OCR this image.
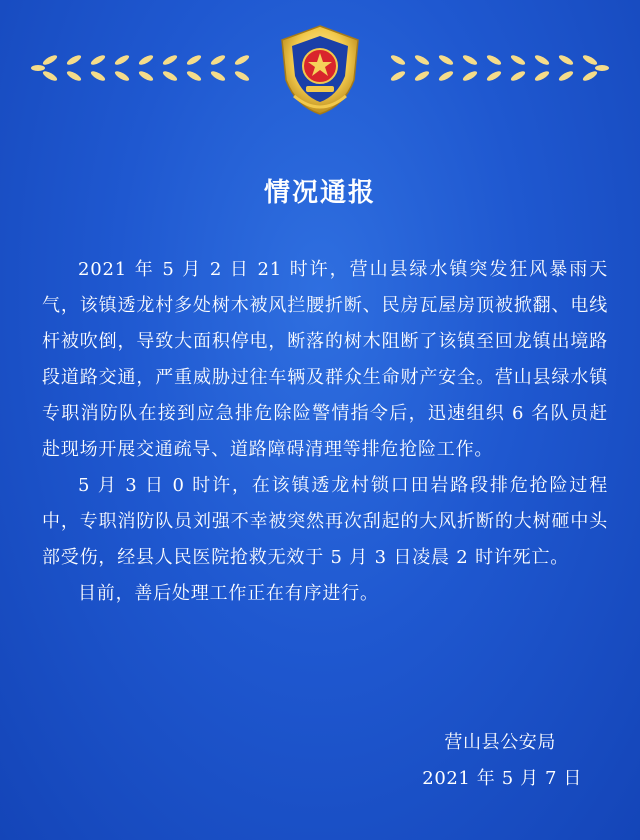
情况通报

2021 年 5 月 2 日 21 时许，营山县绿水镇突发狂风暴雨天气，该镇透龙村多处树木被风拦腰折断、民房瓦屋房顶被掀翻、电线杆被吹倒，导致大面积停电，断落的树木阻断了该镇至回龙镇出境路段道路交通，严重威胁过往车辆及群众生命财产安全。营山县绿水镇专职消防队在接到应急排危除险警情指令后，迅速组织 6 名队员赶赴现场开展交通疏导、道路障碍清理等排危抢险工作。

5 月 3 日 0 时许，在该镇透龙村锁口田岩路段排危抢险过程中，专职消防队员刘强不幸被突然再次刮起的大风折断的大树砸中头部受伤，经县人民医院抢救无效于 5 月 3 日凌晨 2 时许死亡。

目前，善后处理工作正在有序进行。

营山县公安局
2021 年 5 月 7 日
